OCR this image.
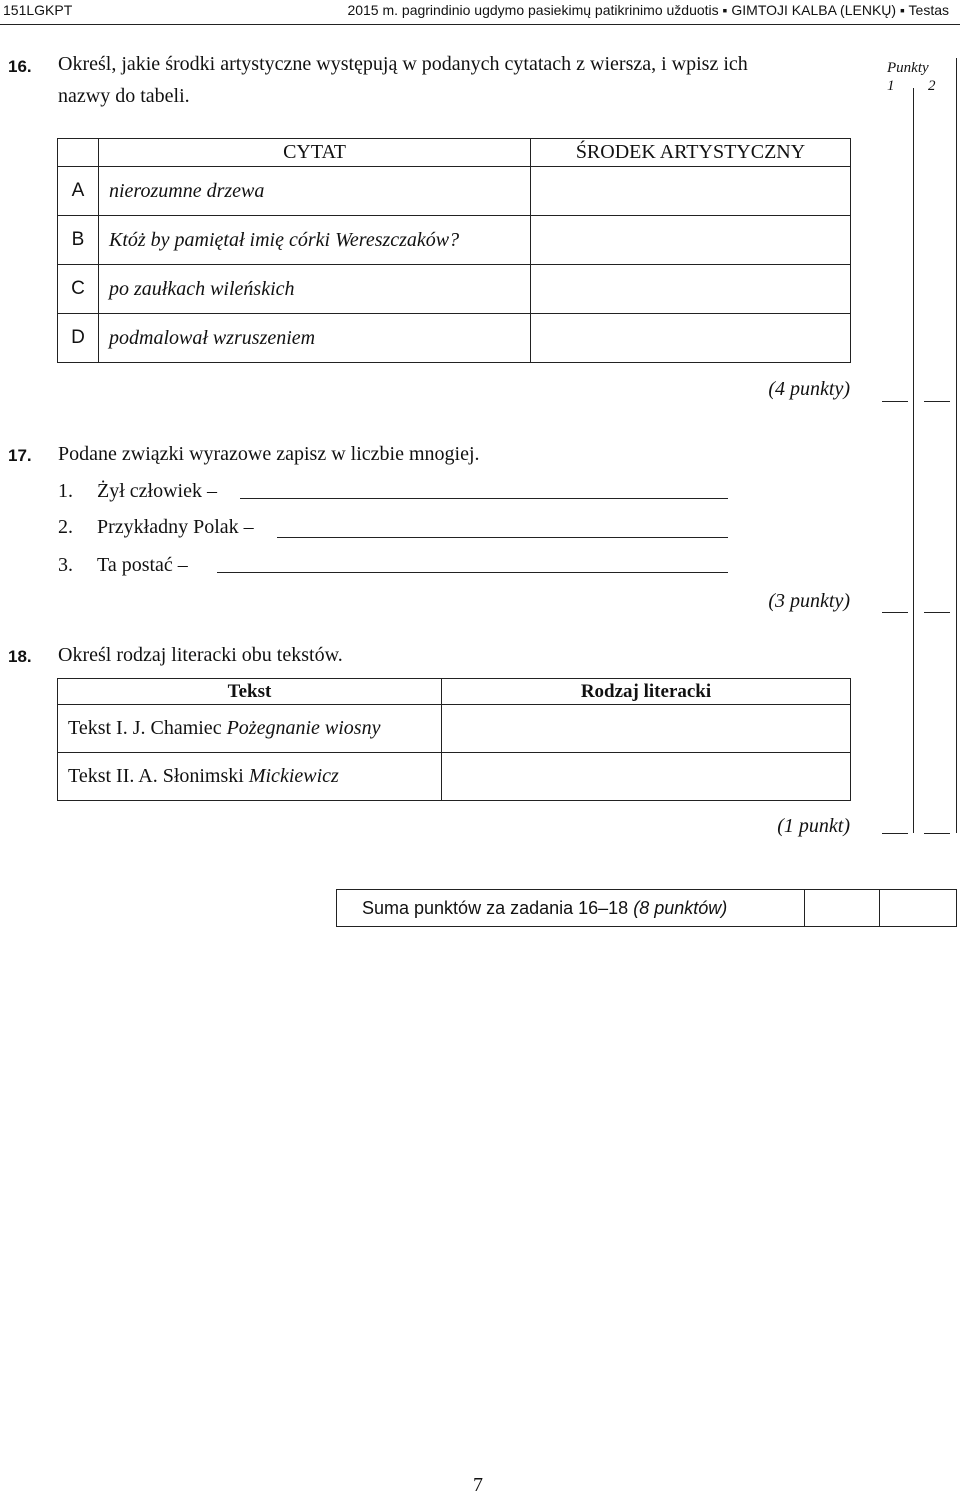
151LGKPT	2015 m. pagrindinio ugdymo pasiekimų patikrinimo užduotis ▪ GIMTOJI KALBA (LENKŲ) ▪ Testas
Punkty
1 2
16. Określ, jakie środki artystyczne występują w podanych cytatach z wiersza, i wpisz ich
nazwy do tabeli.
	CYTAT	ŚRODEK ARTYSTYCZNY
A	nierozumne drzewa	
B	Któż by pamiętał imię córki Wereszczaków?	
C	po zaułkach wileńskich	
D	podmalował wzruszeniem	
(4 punkty)
17. Podane związki wyrazowe zapisz w liczbie mnogiej.
1. Żył człowiek –
2. Przykładny Polak –
3. Ta postać –
(3 punkty)
18. Określ rodzaj literacki obu tekstów.
Tekst	Rodzaj literacki
Tekst I. J. Chamiec Pożegnanie wiosny	
Tekst II. A. Słonimski Mickiewicz	
(1 punkt)
Suma punktów za zadania 16–18 (8 punktów)
7
